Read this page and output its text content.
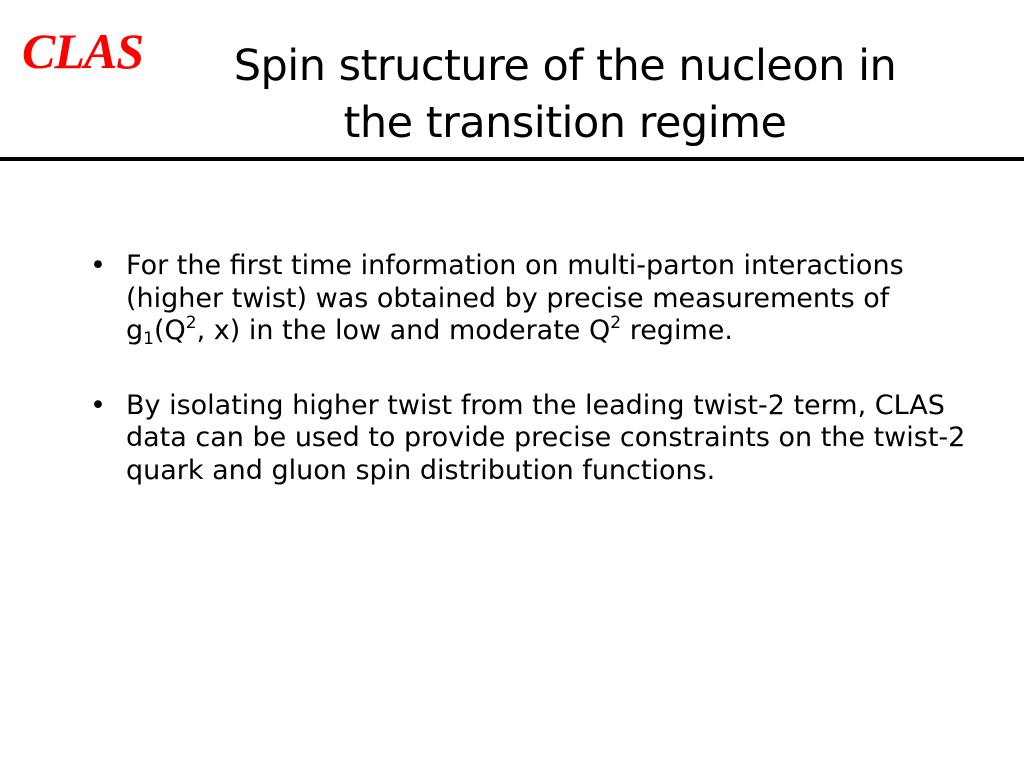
CLAS	Spin structure of the nucleon in
the transition regime
• For the first time information on multi-parton interactions (higher twist) was obtained by precise measurements of $g_1(Q^2$, x) in the low and moderate $Q^2$ regime.
• By isolating higher twist from the leading twist-2 term, CLAS data can be used to provide precise constraints on the twist-2 quark and gluon spin distribution functions.
